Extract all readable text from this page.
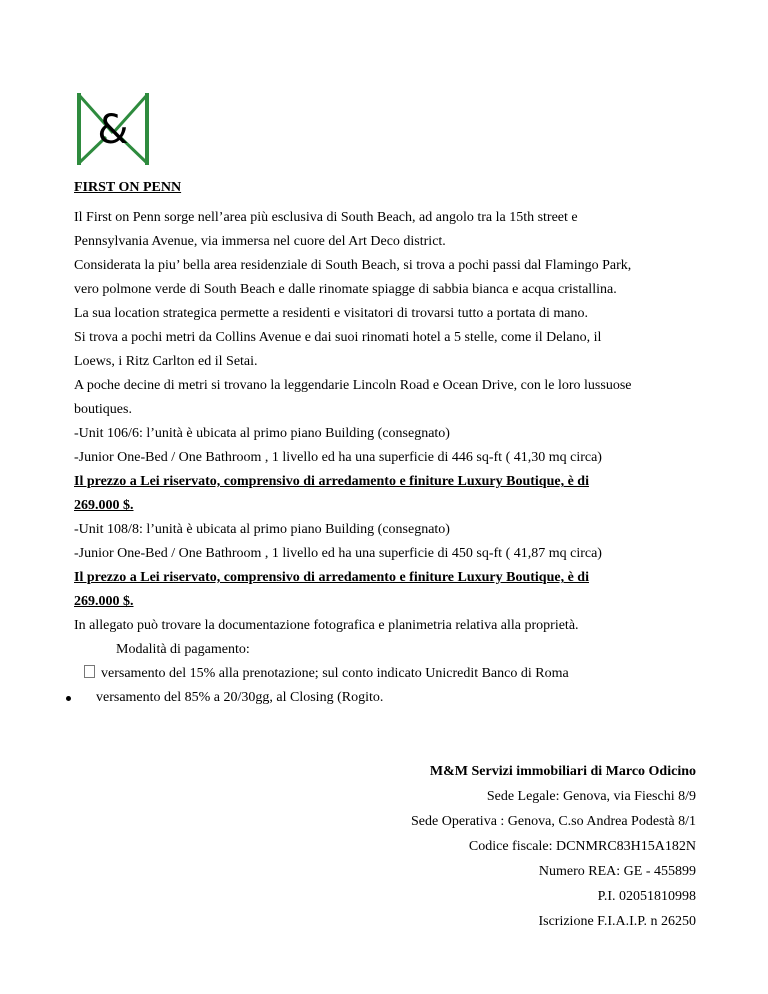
&
FIRST ON PENN
Il First on Penn sorge nell’area più esclusiva di South Beach, ad angolo tra la 15th street e
Pennsylvania Avenue, via immersa nel cuore del Art Deco district.
Considerata la piu’ bella area residenziale di South Beach, si trova a pochi passi dal Flamingo Park,
vero polmone verde di South Beach e dalle rinomate spiagge di sabbia bianca e acqua cristallina.
La sua location strategica permette a residenti e visitatori di trovarsi tutto a portata di mano.
Si trova a pochi metri da Collins Avenue e dai suoi rinomati hotel a 5 stelle, come il Delano, il
Loews, i Ritz Carlton ed il Setai.
A poche decine di metri si trovano la leggendarie Lincoln Road e Ocean Drive, con le loro lussuose
boutiques.
-Unit 106/6: l’unità è ubicata al primo piano Building (consegnato)
-Junior One-Bed / One Bathroom , 1 livello ed ha una superficie di 446 sq-ft ( 41,30 mq circa)
Il prezzo a Lei riservato, comprensivo di arredamento e finiture Luxury Boutique, è di
269.000 $.
-Unit 108/8: l’unità è ubicata al primo piano Building (consegnato)
-Junior One-Bed / One Bathroom , 1 livello ed ha una superficie di 450 sq-ft ( 41,87 mq circa)
Il prezzo a Lei riservato, comprensivo di arredamento e finiture Luxury Boutique, è di
269.000 $.
In allegato può trovare la documentazione fotografica e planimetria relativa alla proprietà.
Modalità di pagamento:
versamento del 15% alla prenotazione; sul conto indicato Unicredit Banco di Roma
versamento del 85% a 20/30gg, al Closing (Rogito.
M&M Servizi immobiliari di Marco Odicino
Sede Legale: Genova, via Fieschi 8/9
Sede Operativa : Genova, C.so Andrea Podestà 8/1
Codice fiscale: DCNMRC83H15A182N
Numero REA: GE - 455899
P.I. 02051810998
Iscrizione F.I.A.I.P. n 26250
